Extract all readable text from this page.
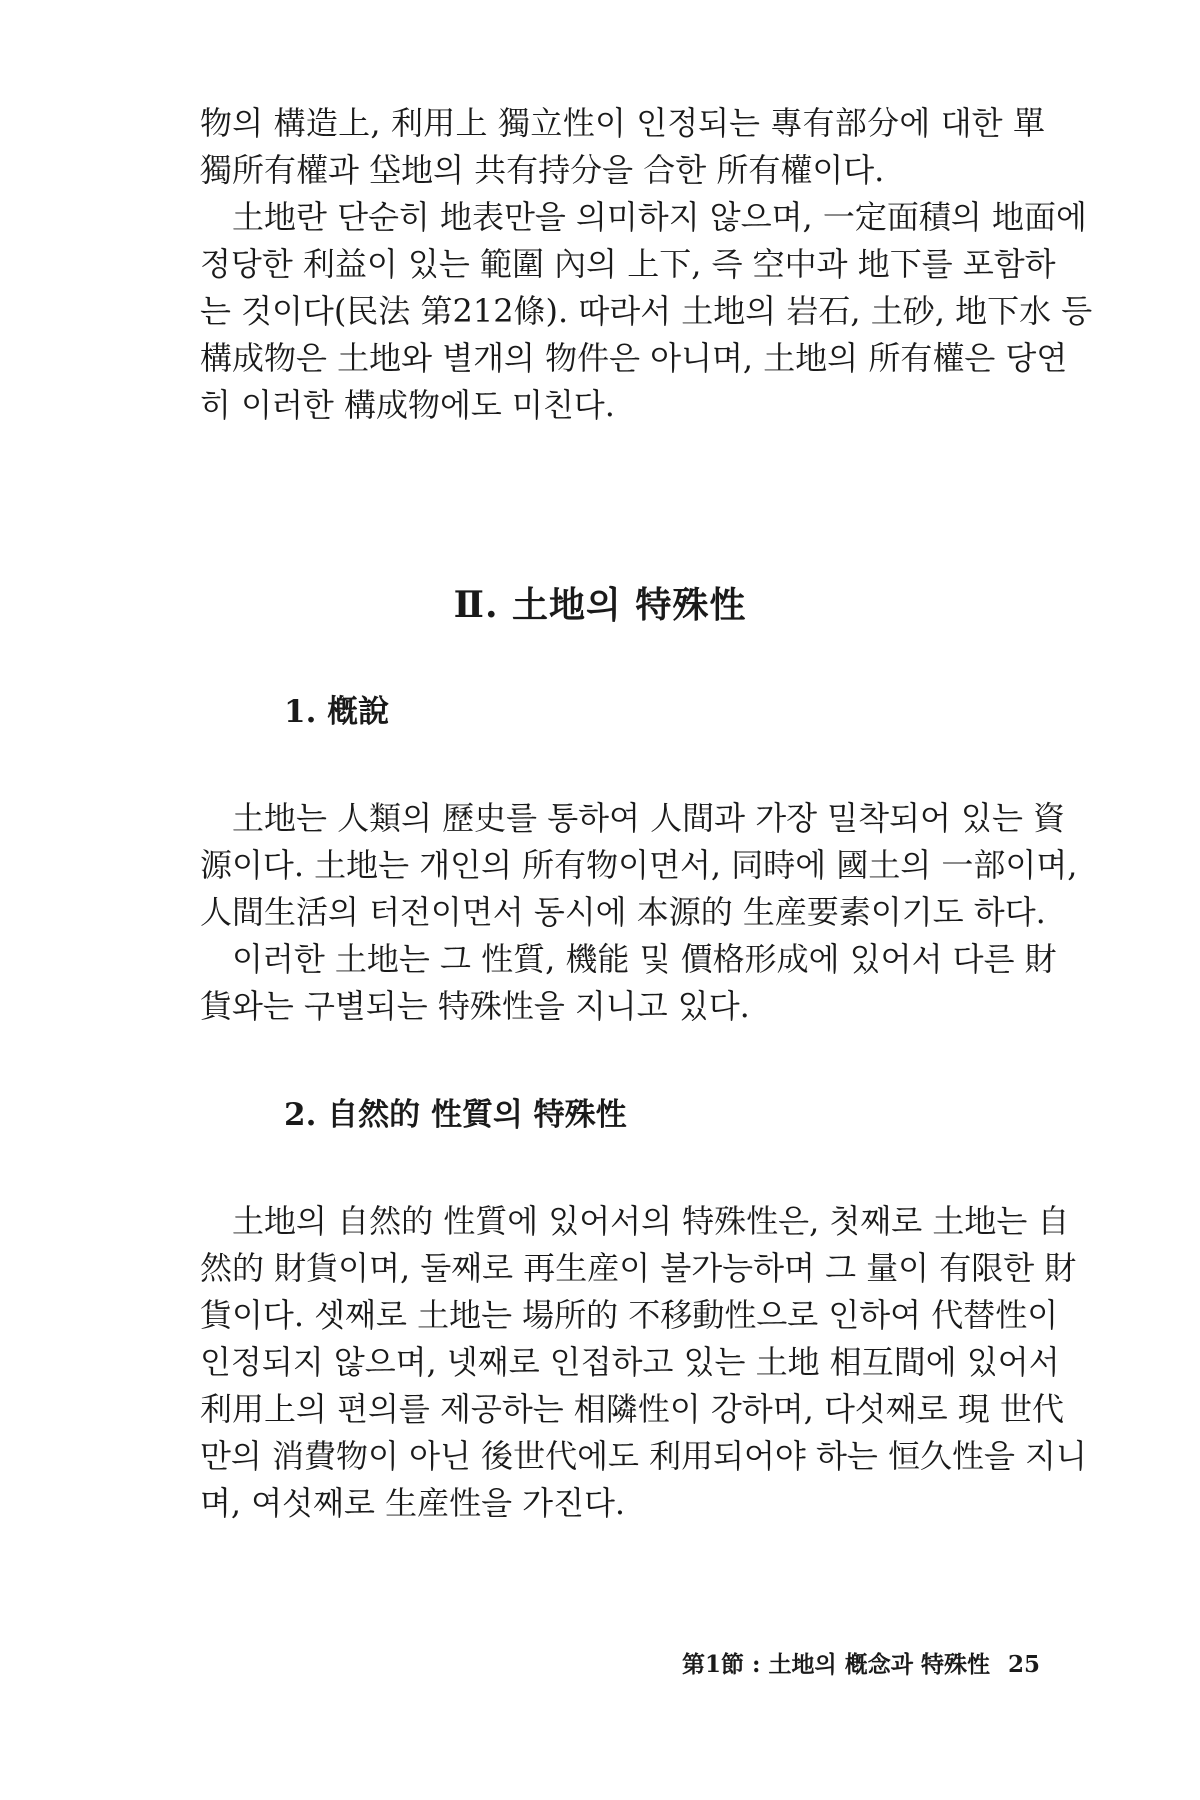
物의 構造上, 利用上 獨立性이 인정되는 專有部分에 대한 單
獨所有權과 垈地의 共有持分을 合한 所有權이다.
土地란 단순히 地表만을 의미하지 않으며, 一定面積의 地面에
정당한 利益이 있는 範圍 內의 上下, 즉 空中과 地下를 포함하
는 것이다(民法 第212條). 따라서 土地의 岩石, 土砂, 地下水 등
構成物은 土地와 별개의 物件은 아니며, 土地의 所有權은 당연
히 이러한 構成物에도 미친다.
Ⅱ. 土地의 特殊性
1. 槪說
土地는 人類의 歷史를 통하여 人間과 가장 밀착되어 있는 資
源이다. 土地는 개인의 所有物이면서, 同時에 國土의 一部이며,
人間生活의 터전이면서 동시에 本源的 生産要素이기도 하다.
이러한 土地는 그 性質, 機能 및 價格形成에 있어서 다른 財
貨와는 구별되는 特殊性을 지니고 있다.
2. 自然的 性質의 特殊性
土地의 自然的 性質에 있어서의 特殊性은, 첫째로 土地는 自
然的 財貨이며, 둘째로 再生産이 불가능하며 그 量이 有限한 財
貨이다. 셋째로 土地는 場所的 不移動性으로 인하여 代替性이
인정되지 않으며, 넷째로 인접하고 있는 土地 相互間에 있어서
利用上의 편의를 제공하는 相隣性이 강하며, 다섯째로 現 世代
만의 消費物이 아닌 後世代에도 利用되어야 하는 恒久性을 지니
며, 여섯째로 生産性을 가진다.
第1節 : 土地의 槪念과 特殊性 25
